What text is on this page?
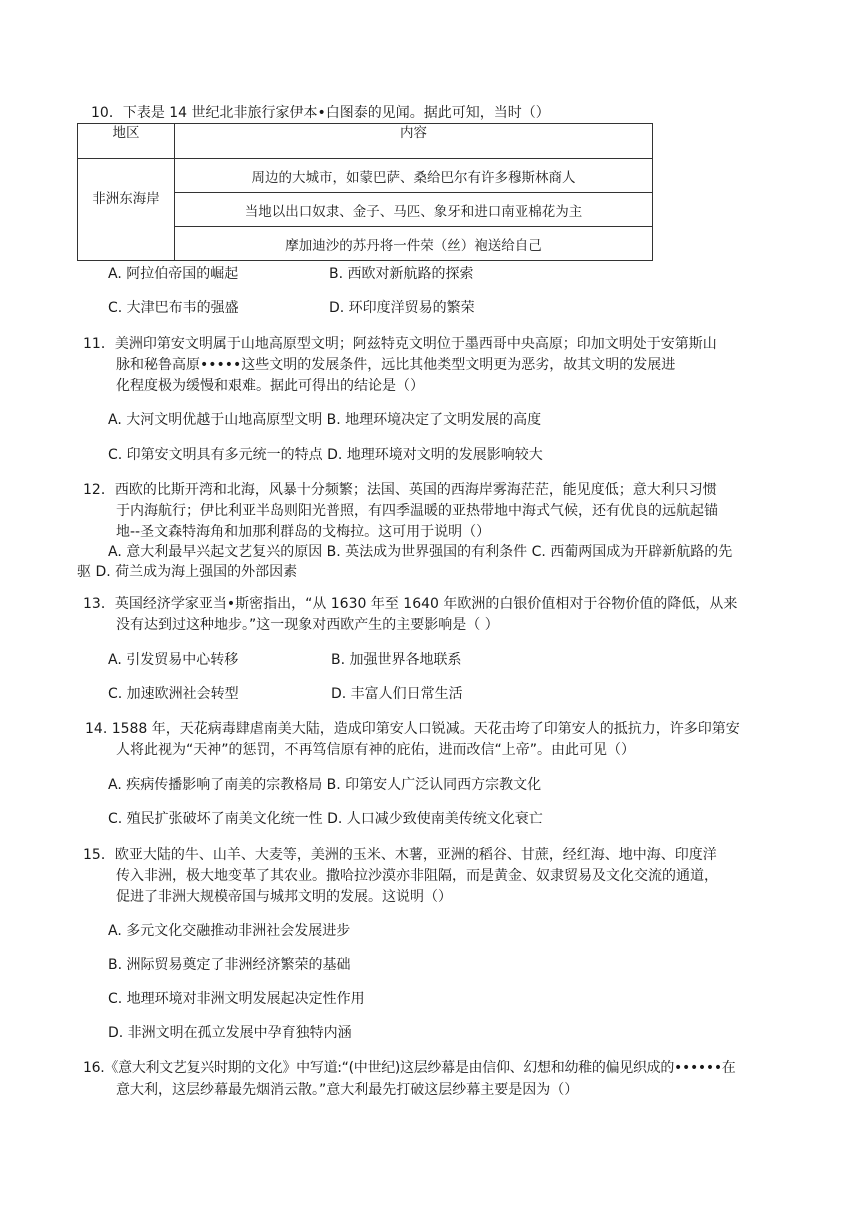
10．下表是 14 世纪北非旅行家伊本•白图泰的见闻。据此可知，当时（）
地区	内容
非洲东海岸	周边的大城市，如蒙巴萨、桑给巴尔有许多穆斯林商人
	当地以出口奴隶、金子、马匹、象牙和进口南亚棉花为主
	摩加迪沙的苏丹将一件荣（丝）袍送给自己
A. 阿拉伯帝国的崛起	B. 西欧对新航路的探索
C. 大津巴布韦的强盛	D. 环印度洋贸易的繁荣
11．美洲印第安文明属于山地高原型文明；阿兹特克文明位于墨西哥中央高原；印加文明处于安第斯山
脉和秘鲁高原•••••这些文明的发展条件，远比其他类型文明更为恶劣，故其文明的发展进
化程度极为缓慢和艰难。据此可得出的结论是（）
A. 大河文明优越于山地高原型文明 B. 地理环境决定了文明发展的高度
C. 印第安文明具有多元统一的特点 D. 地理环境对文明的发展影响较大
12．西欧的比斯开湾和北海，风暴十分频繁；法国、英国的西海岸雾海茫茫，能见度低；意大利只习惯
于内海航行；伊比利亚半岛则阳光普照，有四季温暖的亚热带地中海式气候，还有优良的远航起锚
地--圣文森特海角和加那利群岛的戈梅拉。这可用于说明（）
A. 意大利最早兴起文艺复兴的原因 B. 英法成为世界强国的有利条件 C. 西葡两国成为开辟新航路的先
驱 D. 荷兰成为海上强国的外部因素
13．英国经济学家亚当•斯密指出，“从 1630 年至 1640 年欧洲的白银价值相对于谷物价值的降低，从来
没有达到过这种地步。”这一现象对西欧产生的主要影响是（ ）
A. 引发贸易中心转移	B. 加强世界各地联系
C. 加速欧洲社会转型	D. 丰富人们日常生活
14. 1588 年，天花病毒肆虐南美大陆，造成印第安人口锐减。天花击垮了印第安人的抵抗力，许多印第安
人将此视为“天神”的惩罚，不再笃信原有神的庇佑，进而改信“上帝”。由此可见（）
A. 疾病传播影响了南美的宗教格局 B. 印第安人广泛认同西方宗教文化
C. 殖民扩张破坏了南美文化统一性 D. 人口减少致使南美传统文化衰亡
15．欧亚大陆的牛、山羊、大麦等，美洲的玉米、木薯，亚洲的稻谷、甘蔗，经红海、地中海、印度洋
传入非洲，极大地变革了其农业。撒哈拉沙漠亦非阻隔，而是黄金、奴隶贸易及文化交流的通道，
促进了非洲大规模帝国与城邦文明的发展。这说明（）
A. 多元文化交融推动非洲社会发展进步
B. 洲际贸易奠定了非洲经济繁荣的基础
C. 地理环境对非洲文明发展起决定性作用
D. 非洲文明在孤立发展中孕育独特内涵
16.《意大利文艺复兴时期的文化》中写道:“(中世纪)这层纱幕是由信仰、幻想和幼稚的偏见织成的••••••在
意大利，这层纱幕最先烟消云散。”意大利最先打破这层纱幕主要是因为（）
